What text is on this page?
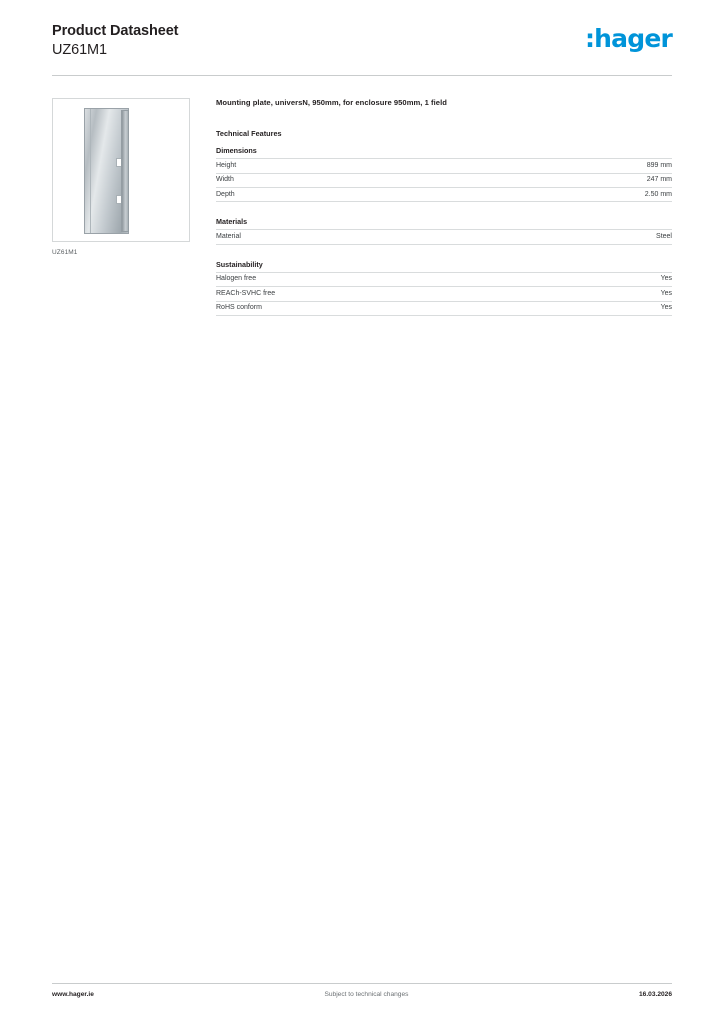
Product Datasheet
UZ61M1	:hager
UZ61M1

Mounting plate, universN, 950mm, for enclosure 950mm, 1 field

Technical Features
Dimensions
Height	899 mm
Width	247 mm
Depth	2.50 mm
Materials
Material	Steel
Sustainability
Halogen free	Yes
REACh-SVHC free	Yes
RoHS conform	Yes
www.hager.ie	Subject to technical changes	16.03.2026
